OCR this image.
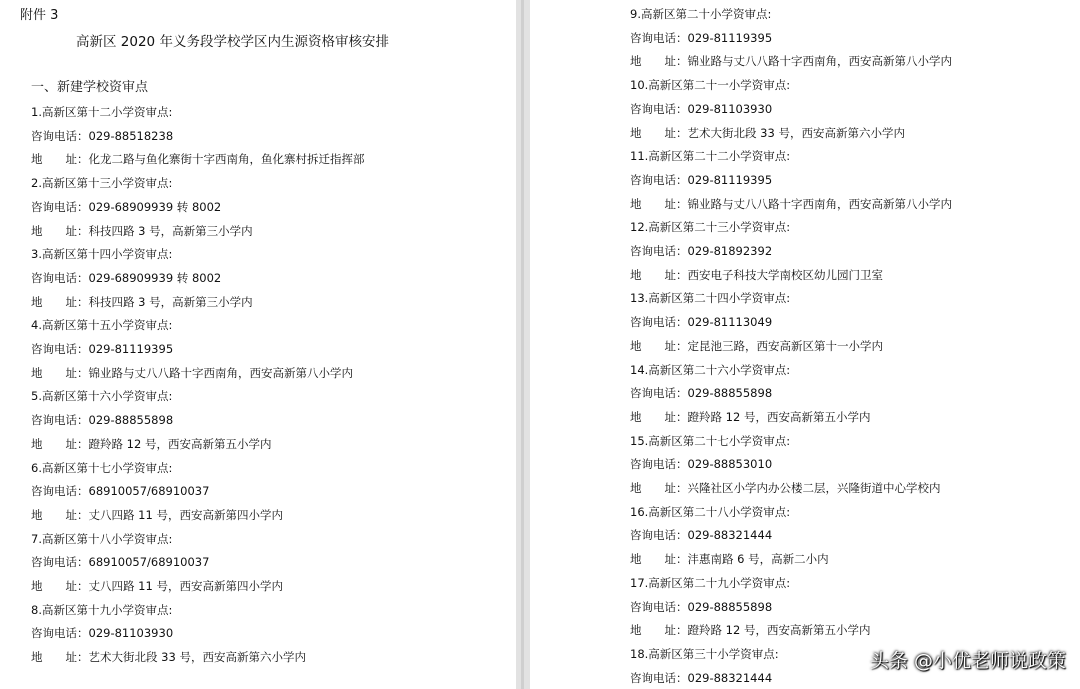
附件 3
高新区 2020 年义务段学校学区内生源资格审核安排
一、新建学校资审点
1.高新区第十二小学资审点:
咨询电话：029-88518238
地　　址：化龙二路与鱼化寨街十字西南角，鱼化寨村拆迁指挥部
2.高新区第十三小学资审点:
咨询电话：029-68909939 转 8002
地　　址：科技四路 3 号，高新第三小学内
3.高新区第十四小学资审点:
咨询电话：029-68909939 转 8002
地　　址：科技四路 3 号，高新第三小学内
4.高新区第十五小学资审点:
咨询电话：029-81119395
地　　址：锦业路与丈八八路十字西南角，西安高新第八小学内
5.高新区第十六小学资审点:
咨询电话：029-88855898
地　　址：蹬羚路 12 号，西安高新第五小学内
6.高新区第十七小学资审点:
咨询电话：68910057/68910037
地　　址：丈八四路 11 号，西安高新第四小学内
7.高新区第十八小学资审点:
咨询电话：68910057/68910037
地　　址：丈八四路 11 号，西安高新第四小学内
8.高新区第十九小学资审点:
咨询电话：029-81103930
地　　址：艺术大街北段 33 号，西安高新第六小学内
9.高新区第二十小学资审点:
咨询电话：029-81119395
地　　址：锦业路与丈八八路十字西南角，西安高新第八小学内
10.高新区第二十一小学资审点:
咨询电话：029-81103930
地　　址：艺术大街北段 33 号，西安高新第六小学内
11.高新区第二十二小学资审点:
咨询电话：029-81119395
地　　址：锦业路与丈八八路十字西南角，西安高新第八小学内
12.高新区第二十三小学资审点:
咨询电话：029-81892392
地　　址：西安电子科技大学南校区幼儿园门卫室
13.高新区第二十四小学资审点:
咨询电话：029-81113049
地　　址：定昆池三路，西安高新区第十一小学内
14.高新区第二十六小学资审点:
咨询电话：029-88855898
地　　址：蹬羚路 12 号，西安高新第五小学内
15.高新区第二十七小学资审点:
咨询电话：029-88853010
地　　址：兴隆社区小学内办公楼二层，兴隆街道中心学校内
16.高新区第二十八小学资审点:
咨询电话：029-88321444
地　　址：沣惠南路 6 号，高新二小内
17.高新区第二十九小学资审点:
咨询电话：029-88855898
地　　址：蹬羚路 12 号，西安高新第五小学内
18.高新区第三十小学资审点:
咨询电话：029-88321444
头条 @小优老师说政策
